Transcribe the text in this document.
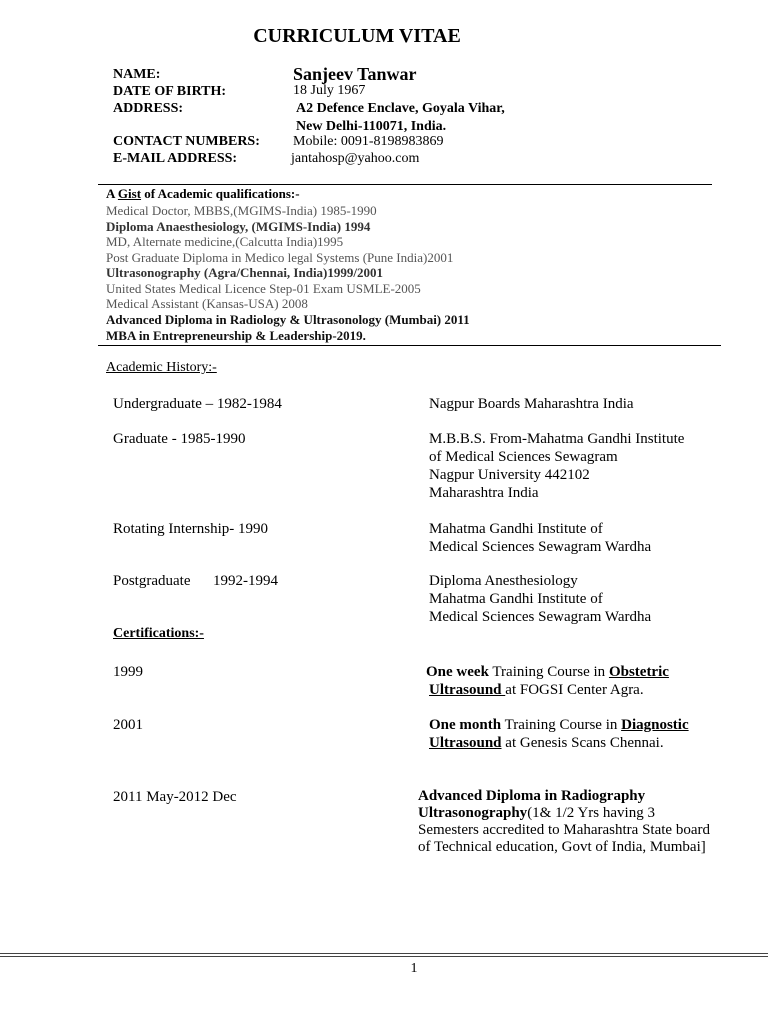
CURRICULUM VITAE
NAME:	Sanjeev Tanwar
DATE OF BIRTH:	18 July 1967
ADDRESS:	A2 Defence Enclave, Goyala Vihar,
New Delhi-110071, India.
CONTACT NUMBERS: Mobile: 0091-8198983869
E-MAIL ADDRESS:	jantahosp@yahoo.com
A Gist of Academic qualifications:-
Medical Doctor, MBBS,(MGIMS-India) 1985-1990
Diploma Anaesthesiology, (MGIMS-India) 1994
MD, Alternate medicine,(Calcutta India)1995
Post Graduate Diploma in Medico legal Systems (Pune India)2001
Ultrasonography (Agra/Chennai, India)1999/2001
United States Medical Licence Step-01 Exam USMLE-2005
Medical Assistant (Kansas-USA) 2008
Advanced Diploma in Radiology & Ultrasonology (Mumbai) 2011
MBA in Entrepreneurship & Leadership-2019.
Academic History:-
Undergraduate – 1982-1984	Nagpur Boards Maharashtra India
Graduate - 1985-1990	M.B.B.S. From-Mahatma Gandhi Institute
of Medical Sciences Sewagram
Nagpur University 442102
Maharashtra India
Rotating Internship- 1990	Mahatma Gandhi Institute of
Medical Sciences Sewagram Wardha
Postgraduate      1992-1994	Diploma Anesthesiology
Mahatma Gandhi Institute of
Medical Sciences Sewagram Wardha
Certifications:-
1999	One week Training Course in Obstetric
Ultrasound at FOGSI Center Agra.
2001	One month Training Course in Diagnostic
Ultrasound at Genesis Scans Chennai.
2011 May-2012 Dec	Advanced Diploma in Radiography
Ultrasonography(1& 1/2 Yrs having 3
Semesters accredited to Maharashtra State board
of Technical education, Govt of India, Mumbai]
1
